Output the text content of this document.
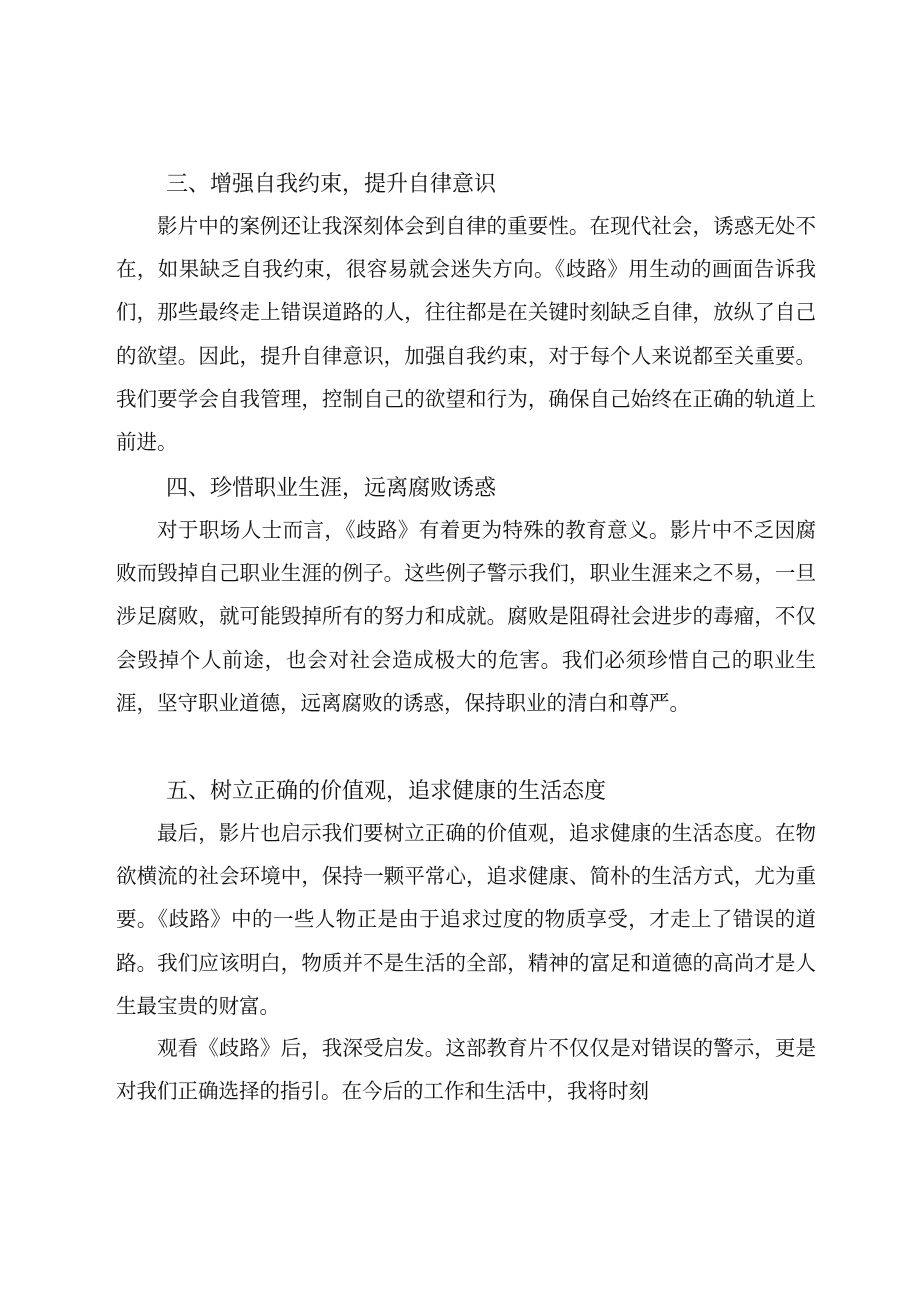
三、增强自我约束，提升自律意识

影片中的案例还让我深刻体会到自律的重要性。在现代社会，诱惑无处不在，如果缺乏自我约束，很容易就会迷失方向。《歧路》用生动的画面告诉我们，那些最终走上错误道路的人，往往都是在关键时刻缺乏自律，放纵了自己的欲望。因此，提升自律意识，加强自我约束，对于每个人来说都至关重要。我们要学会自我管理，控制自己的欲望和行为，确保自己始终在正确的轨道上前进。

四、珍惜职业生涯，远离腐败诱惑

对于职场人士而言，《歧路》有着更为特殊的教育意义。影片中不乏因腐败而毁掉自己职业生涯的例子。这些例子警示我们，职业生涯来之不易，一旦涉足腐败，就可能毁掉所有的努力和成就。腐败是阻碍社会进步的毒瘤，不仅会毁掉个人前途，也会对社会造成极大的危害。我们必须珍惜自己的职业生涯，坚守职业道德，远离腐败的诱惑，保持职业的清白和尊严。

五、树立正确的价值观，追求健康的生活态度

最后，影片也启示我们要树立正确的价值观，追求健康的生活态度。在物欲横流的社会环境中，保持一颗平常心，追求健康、简朴的生活方式，尤为重要。《歧路》中的一些人物正是由于追求过度的物质享受，才走上了错误的道路。我们应该明白，物质并不是生活的全部，精神的富足和道德的高尚才是人生最宝贵的财富。

观看《歧路》后，我深受启发。这部教育片不仅仅是对错误的警示，更是对我们正确选择的指引。在今后的工作和生活中，我将时刻
